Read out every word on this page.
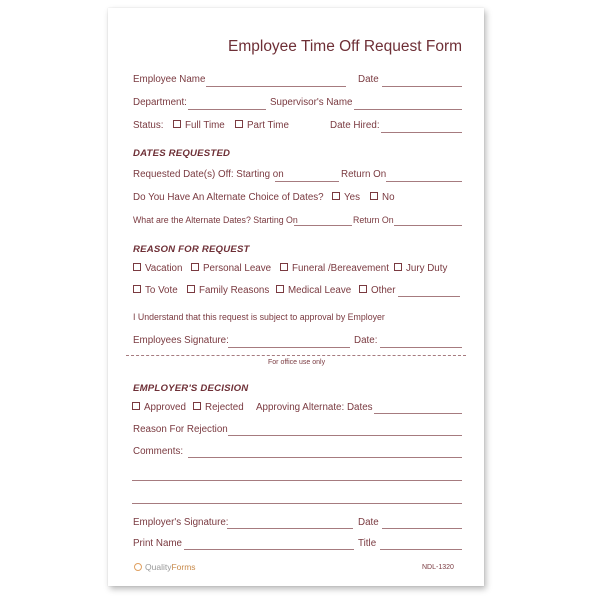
Employee Time Off Request Form
Employee Name	Date
Department:	Supervisor's Name
Status:	Full Time	Part Time	Date Hired:
DATES REQUESTED
Requested Date(s) Off: Starting on	Return On
Do You Have An Alternate Choice of Dates?	Yes	No
What are the Alternate Dates? Starting On	Return On
REASON FOR REQUEST
Vacation	Personal Leave	Funeral /Bereavement	Jury Duty
To Vote	Family Reasons	Medical Leave	Other
I Understand that this request is subject to approval by Employer
Employees Signature:	Date:
For office use only
EMPLOYER'S DECISION
Approved	Rejected Approving Alternate: Dates
Reason For Rejection
Comments:
Employer's Signature:	Date
Print Name	Title
QualityForms	NDL-1320
